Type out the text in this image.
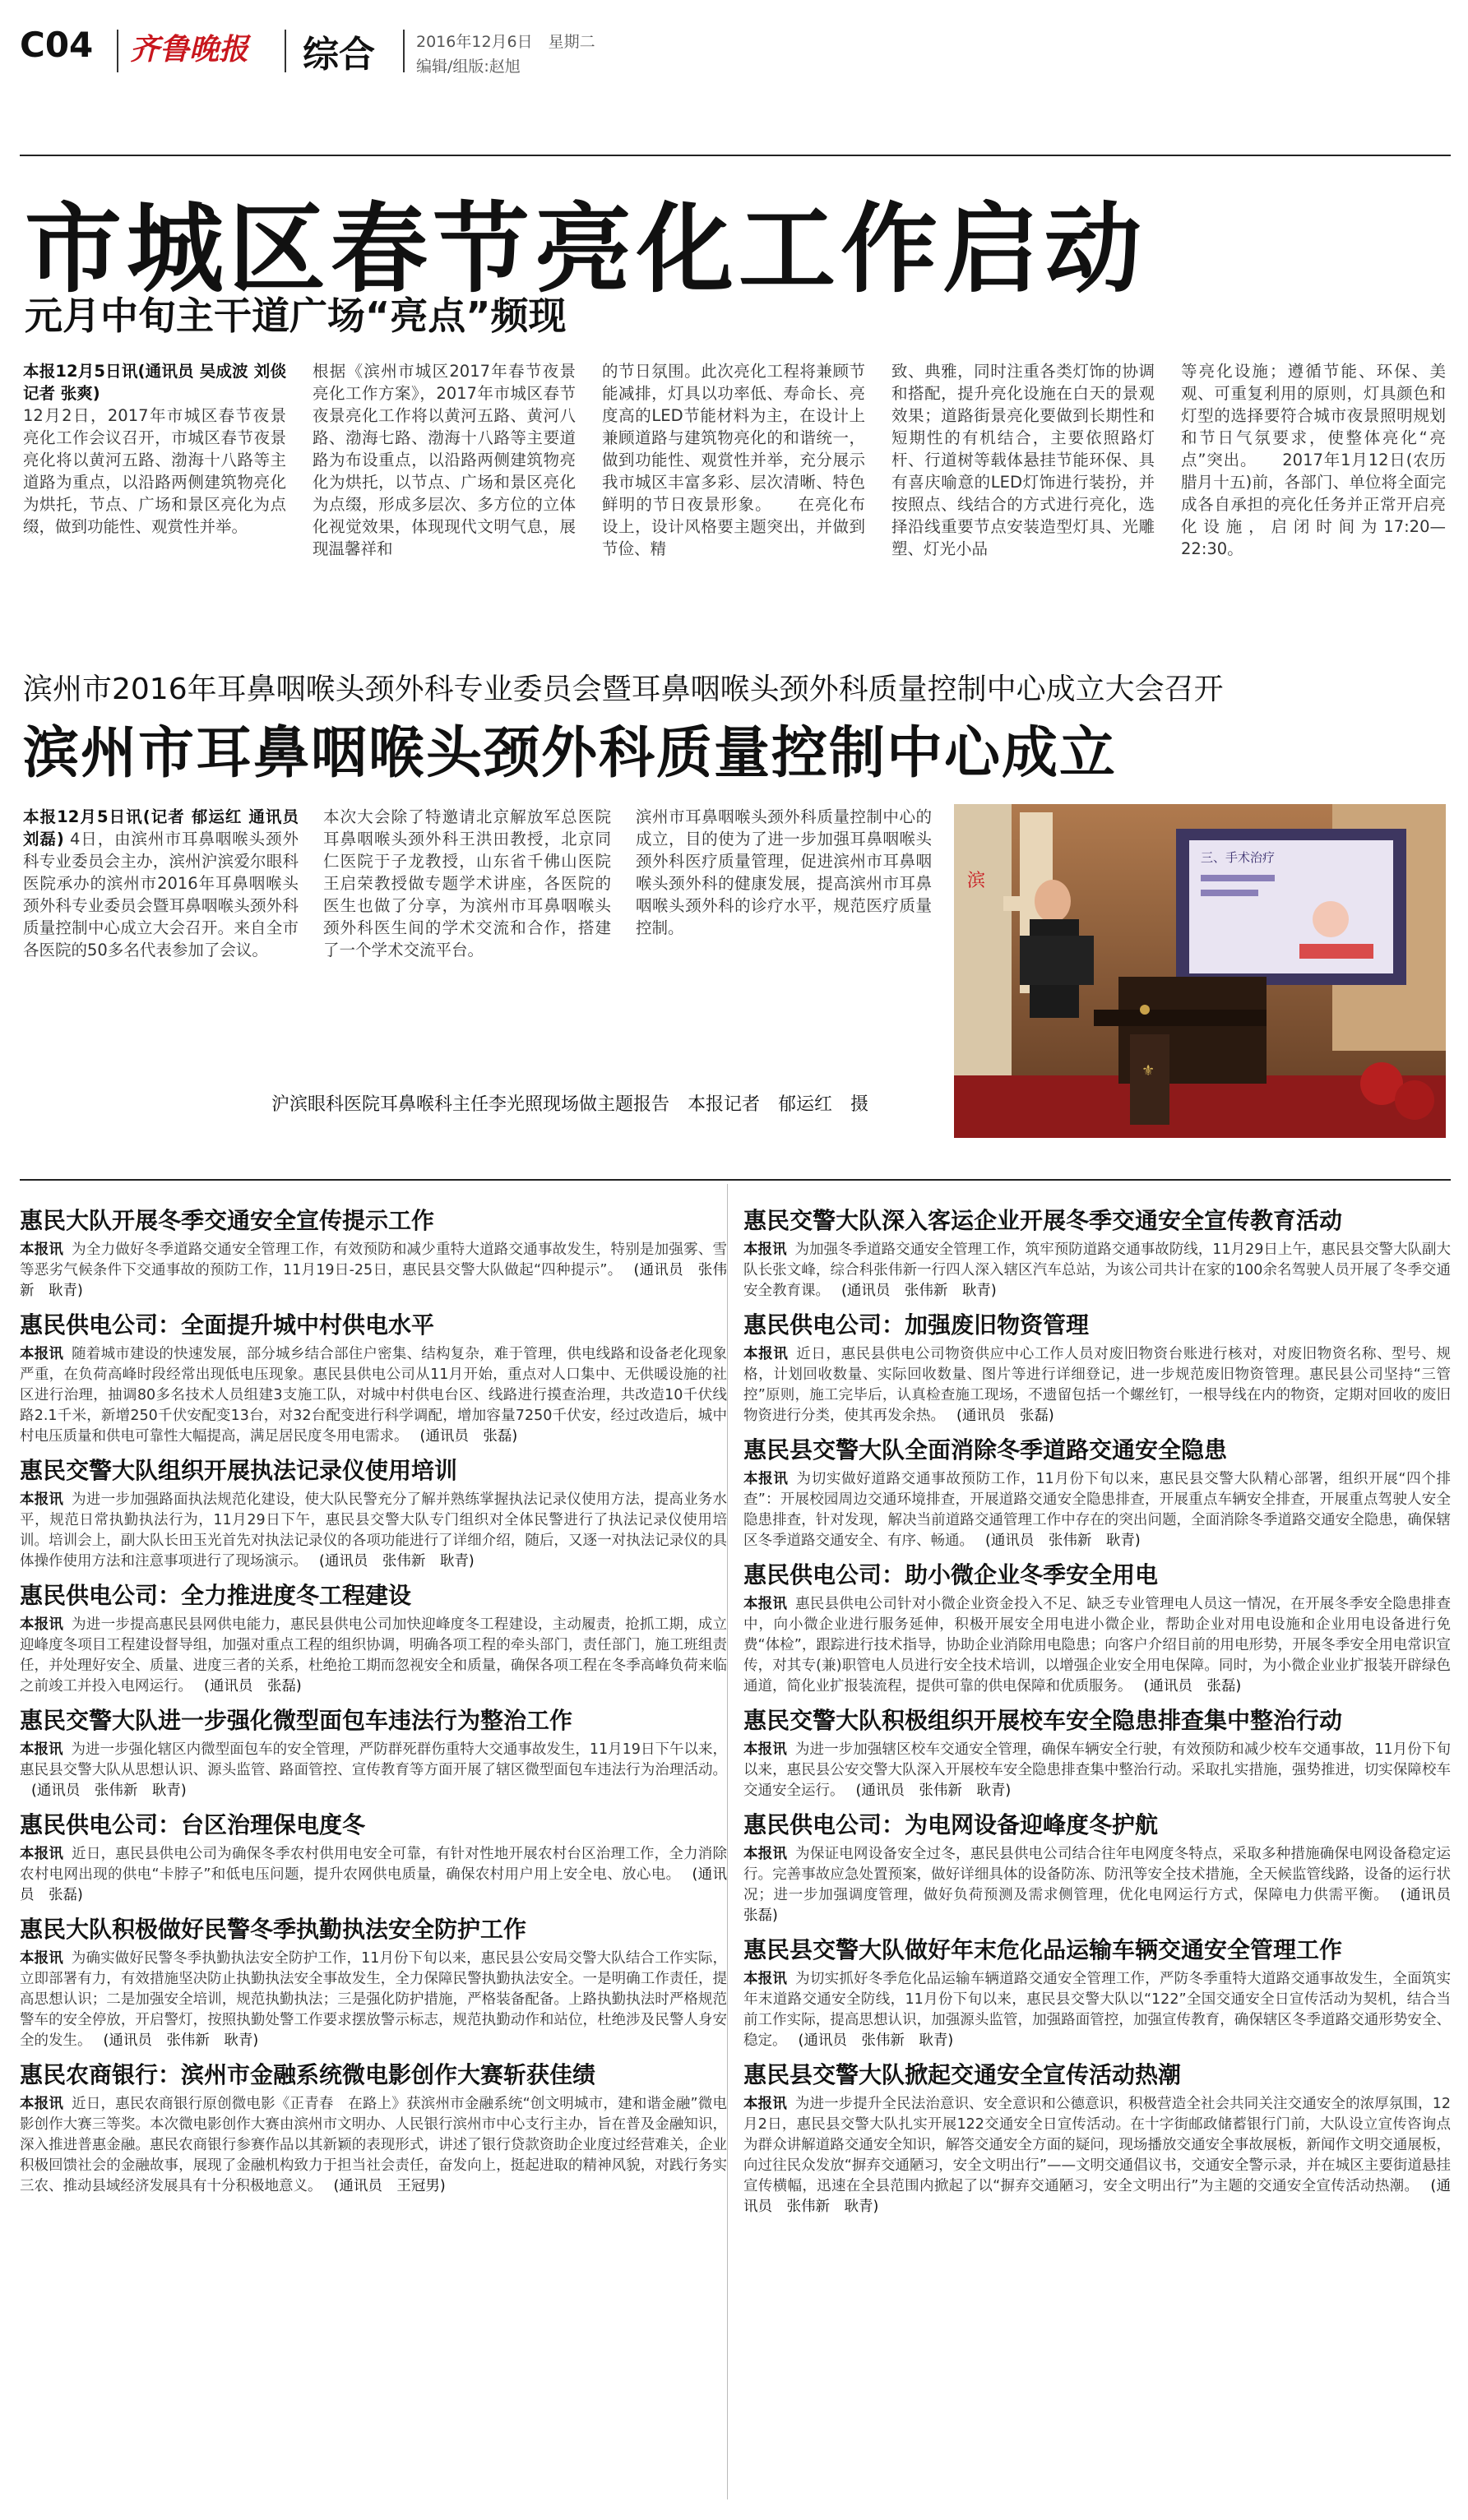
C04 齐鲁晚报 综合	2016年12月6日　星期二
编辑/组版:赵旭
市城区春节亮化工作启动
元月中旬主干道广场“亮点”频现
本报12月5日讯(通讯员 吴成波 刘倓 记者 张爽)
12月2日，2017年市城区春节夜景亮化工作会议召开，市城区春节夜景亮化将以黄河五路、渤海十八路等主道路为重点，以沿路两侧建筑物亮化为烘托，节点、广场和景区亮化为点缀，做到功能性、观赏性并举。
根据《滨州市城区2017年春节夜景亮化工作方案》，2017年市城区春节夜景亮化工作将以黄河五路、黄河八路、渤海七路、渤海十八路等主要道路为布设重点，以沿路两侧建筑物亮化为烘托，以节点、广场和景区亮化为点缀，形成多层次、多方位的立体化视觉效果，体现现代文明气息，展现温馨祥和
的节日氛围。此次亮化工程将兼顾节能减排，灯具以功率低、寿命长、亮度高的LED节能材料为主，在设计上兼顾道路与建筑物亮化的和谐统一，做到功能性、观赏性并举，充分展示我市城区丰富多彩、层次清晰、特色鲜明的节日夜景形象。　　在亮化布设上，设计风格要主题突出，并做到节俭、精
致、典雅，同时注重各类灯饰的协调和搭配，提升亮化设施在白天的景观效果；道路街景亮化要做到长期性和短期性的有机结合，主要依照路灯杆、行道树等载体悬挂节能环保、具有喜庆喻意的LED灯饰进行装扮，并按照点、线结合的方式进行亮化，选择沿线重要节点安装造型灯具、光雕塑、灯光小品
等亮化设施；遵循节能、环保、美观、可重复利用的原则，灯具颜色和灯型的选择要符合城市夜景照明规划和节日气氛要求，使整体亮化“亮点”突出。　　2017年1月12日(农历腊月十五)前，各部门、单位将全面完成各自承担的亮化任务并正常开启亮化设施，启闭时间为17:20—22:30。
滨州市2016年耳鼻咽喉头颈外科专业委员会暨耳鼻咽喉头颈外科质量控制中心成立大会召开
滨州市耳鼻咽喉头颈外科质量控制中心成立
本报12月5日讯(记者 郁运红 通讯员 刘磊) 4日，由滨州市耳鼻咽喉头颈外科专业委员会主办，滨州沪滨爱尔眼科医院承办的滨州市2016年耳鼻咽喉头颈外科专业委员会暨耳鼻咽喉头颈外科质量控制中心成立大会召开。来自全市各医院的50多名代表参加了会议。
本次大会除了特邀请北京解放军总医院耳鼻咽喉头颈外科王洪田教授，北京同仁医院于子龙教授，山东省千佛山医院王启荣教授做专题学术讲座，各医院的医生也做了分享，为滨州市耳鼻咽喉头颈外科医生间的学术交流和合作，搭建了一个学术交流平台。
滨州市耳鼻咽喉头颈外科质量控制中心的成立，目的使为了进一步加强耳鼻咽喉头颈外科医疗质量管理，促进滨州市耳鼻咽喉头颈外科的健康发展，提高滨州市耳鼻咽喉头颈外科的诊疗水平，规范医疗质量控制。
三、手术治疗
⚜
滨
沪滨眼科医院耳鼻喉科主任李光照现场做主题报告　本报记者　郁运红　摄
惠民大队开展冬季交通安全宣传提示工作
本报讯 为全力做好冬季道路交通安全管理工作，有效预防和减少重特大道路交通事故发生，特别是加强雾、雪等恶劣气候条件下交通事故的预防工作，11月19日-25日，惠民县交警大队做起“四种提示”。 (通讯员　张伟新　耿青)
惠民供电公司：全面提升城中村供电水平
本报讯 随着城市建设的快速发展，部分城乡结合部住户密集、结构复杂，难于管理，供电线路和设备老化现象严重，在负荷高峰时段经常出现低电压现象。惠民县供电公司从11月开始，重点对人口集中、无供暖设施的社区进行治理，抽调80多名技术人员组建3支施工队，对城中村供电台区、线路进行摸查治理，共改造10千伏线路2.1千米，新增250千伏安配变13台，对32台配变进行科学调配，增加容量7250千伏安，经过改造后，城中村电压质量和供电可靠性大幅提高，满足居民度冬用电需求。 (通讯员　张磊)
惠民交警大队组织开展执法记录仪使用培训
本报讯 为进一步加强路面执法规范化建设，使大队民警充分了解并熟练掌握执法记录仪使用方法，提高业务水平，规范日常执勤执法行为，11月29日下午，惠民县交警大队专门组织对全体民警进行了执法记录仪使用培训。培训会上，副大队长田玉光首先对执法记录仪的各项功能进行了详细介绍，随后，又逐一对执法记录仪的具体操作使用方法和注意事项进行了现场演示。 (通讯员　张伟新　耿青)
惠民供电公司：全力推进度冬工程建设
本报讯 为进一步提高惠民县网供电能力，惠民县供电公司加快迎峰度冬工程建设，主动履责，抢抓工期，成立迎峰度冬项目工程建设督导组，加强对重点工程的组织协调，明确各项工程的牵头部门，责任部门，施工班组责任，并处理好安全、质量、进度三者的关系，杜绝抢工期而忽视安全和质量，确保各项工程在冬季高峰负荷来临之前竣工并投入电网运行。 (通讯员　张磊)
惠民交警大队进一步强化微型面包车违法行为整治工作
本报讯 为进一步强化辖区内微型面包车的安全管理，严防群死群伤重特大交通事故发生，11月19日下午以来，惠民县交警大队从思想认识、源头监管、路面管控、宣传教育等方面开展了辖区微型面包车违法行为治理活动。(通讯员　张伟新　耿青)
惠民供电公司：台区治理保电度冬
本报讯 近日，惠民县供电公司为确保冬季农村供用电安全可靠，有针对性地开展农村台区治理工作，全力消除农村电网出现的供电“卡脖子”和低电压问题，提升农网供电质量，确保农村用户用上安全电、放心电。 (通讯员　张磊)
惠民大队积极做好民警冬季执勤执法安全防护工作
本报讯 为确实做好民警冬季执勤执法安全防护工作，11月份下旬以来，惠民县公安局交警大队结合工作实际，立即部署有力，有效措施坚决防止执勤执法安全事故发生，全力保障民警执勤执法安全。一是明确工作责任，提高思想认识；二是加强安全培训，规范执勤执法；三是强化防护措施，严格装备配备。上路执勤执法时严格规范警车的安全停放，开启警灯，按照执勤处警工作要求摆放警示标志，规范执勤动作和站位，杜绝涉及民警人身安全的发生。 (通讯员　张伟新　耿青)
惠民农商银行：滨州市金融系统微电影创作大赛斩获佳绩
本报讯 近日，惠民农商银行原创微电影《正青春　在路上》获滨州市金融系统“创文明城市，建和谐金融”微电影创作大赛三等奖。本次微电影创作大赛由滨州市文明办、人民银行滨州市中心支行主办，旨在普及金融知识，深入推进普惠金融。惠民农商银行参赛作品以其新颖的表现形式，讲述了银行贷款资助企业度过经营难关，企业积极回馈社会的金融故事，展现了金融机构致力于担当社会责任，奋发向上，挺起进取的精神风貌，对践行务实三农、推动县域经济发展具有十分积极地意义。 (通讯员　王冠男)
惠民交警大队深入客运企业开展冬季交通安全宣传教育活动
本报讯 为加强冬季道路交通安全管理工作，筑牢预防道路交通事故防线，11月29日上午，惠民县交警大队副大队长张文峰，综合科张伟新一行四人深入辖区汽车总站，为该公司共计在家的100余名驾驶人员开展了冬季交通安全教育课。 (通讯员　张伟新　耿青)
惠民供电公司：加强废旧物资管理
本报讯 近日，惠民县供电公司物资供应中心工作人员对废旧物资台账进行核对，对废旧物资名称、型号、规格，计划回收数量、实际回收数量、图片等进行详细登记，进一步规范废旧物资管理。惠民县公司坚持“三管控”原则，施工完毕后，认真检查施工现场，不遗留包括一个螺丝钉，一根导线在内的物资，定期对回收的废旧物资进行分类，使其再发余热。 (通讯员　张磊)
惠民县交警大队全面消除冬季道路交通安全隐患
本报讯 为切实做好道路交通事故预防工作，11月份下旬以来，惠民县交警大队精心部署，组织开展“四个排查”：开展校园周边交通环境排查，开展道路交通安全隐患排查，开展重点车辆安全排查，开展重点驾驶人安全隐患排查，针对发现，解决当前道路交通管理工作中存在的突出问题，全面消除冬季道路交通安全隐患，确保辖区冬季道路交通安全、有序、畅通。 (通讯员　张伟新　耿青)
惠民供电公司：助小微企业冬季安全用电
本报讯 惠民县供电公司针对小微企业资金投入不足、缺乏专业管理电人员这一情况，在开展冬季安全隐患排查中，向小微企业进行服务延伸，积极开展安全用电进小微企业，帮助企业对用电设施和企业用电设备进行免费“体检”，跟踪进行技术指导，协助企业消除用电隐患；向客户介绍目前的用电形势，开展冬季安全用电常识宣传，对其专(兼)职管电人员进行安全技术培训，以增强企业安全用电保障。同时，为小微企业业扩报装开辟绿色通道，简化业扩报装流程，提供可靠的供电保障和优质服务。 (通讯员　张磊)
惠民交警大队积极组织开展校车安全隐患排查集中整治行动
本报讯 为进一步加强辖区校车交通安全管理，确保车辆安全行驶，有效预防和减少校车交通事故，11月份下旬以来，惠民县公安交警大队深入开展校车安全隐患排查集中整治行动。采取扎实措施，强势推进，切实保障校车交通安全运行。 (通讯员　张伟新　耿青)
惠民供电公司：为电网设备迎峰度冬护航
本报讯 为保证电网设备安全过冬，惠民县供电公司结合往年电网度冬特点，采取多种措施确保电网设备稳定运行。完善事故应急处置预案，做好详细具体的设备防冻、防汛等安全技术措施，全天候监管线路，设备的运行状况；进一步加强调度管理，做好负荷预测及需求侧管理，优化电网运行方式，保障电力供需平衡。 (通讯员　张磊)
惠民县交警大队做好年末危化品运输车辆交通安全管理工作
本报讯 为切实抓好冬季危化品运输车辆道路交通安全管理工作，严防冬季重特大道路交通事故发生，全面筑实年末道路交通安全防线，11月份下旬以来，惠民县交警大队以“122”全国交通安全日宣传活动为契机，结合当前工作实际，提高思想认识，加强源头监管，加强路面管控，加强宣传教育，确保辖区冬季道路交通形势安全、稳定。 (通讯员　张伟新　耿青)
惠民县交警大队掀起交通安全宣传活动热潮
本报讯 为进一步提升全民法治意识、安全意识和公德意识，积极营造全社会共同关注交通安全的浓厚氛围，12月2日，惠民县交警大队扎实开展122交通安全日宣传活动。在十字街邮政储蓄银行门前，大队设立宣传咨询点为群众讲解道路交通安全知识，解答交通安全方面的疑问，现场播放交通安全事故展板，新闻作文明交通展板，向过往民众发放“摒弃交通陋习，安全文明出行”——文明交通倡议书，交通安全警示录，并在城区主要街道悬挂宣传横幅，迅速在全县范围内掀起了以“摒弃交通陋习，安全文明出行”为主题的交通安全宣传活动热潮。 (通讯员　张伟新　耿青)
